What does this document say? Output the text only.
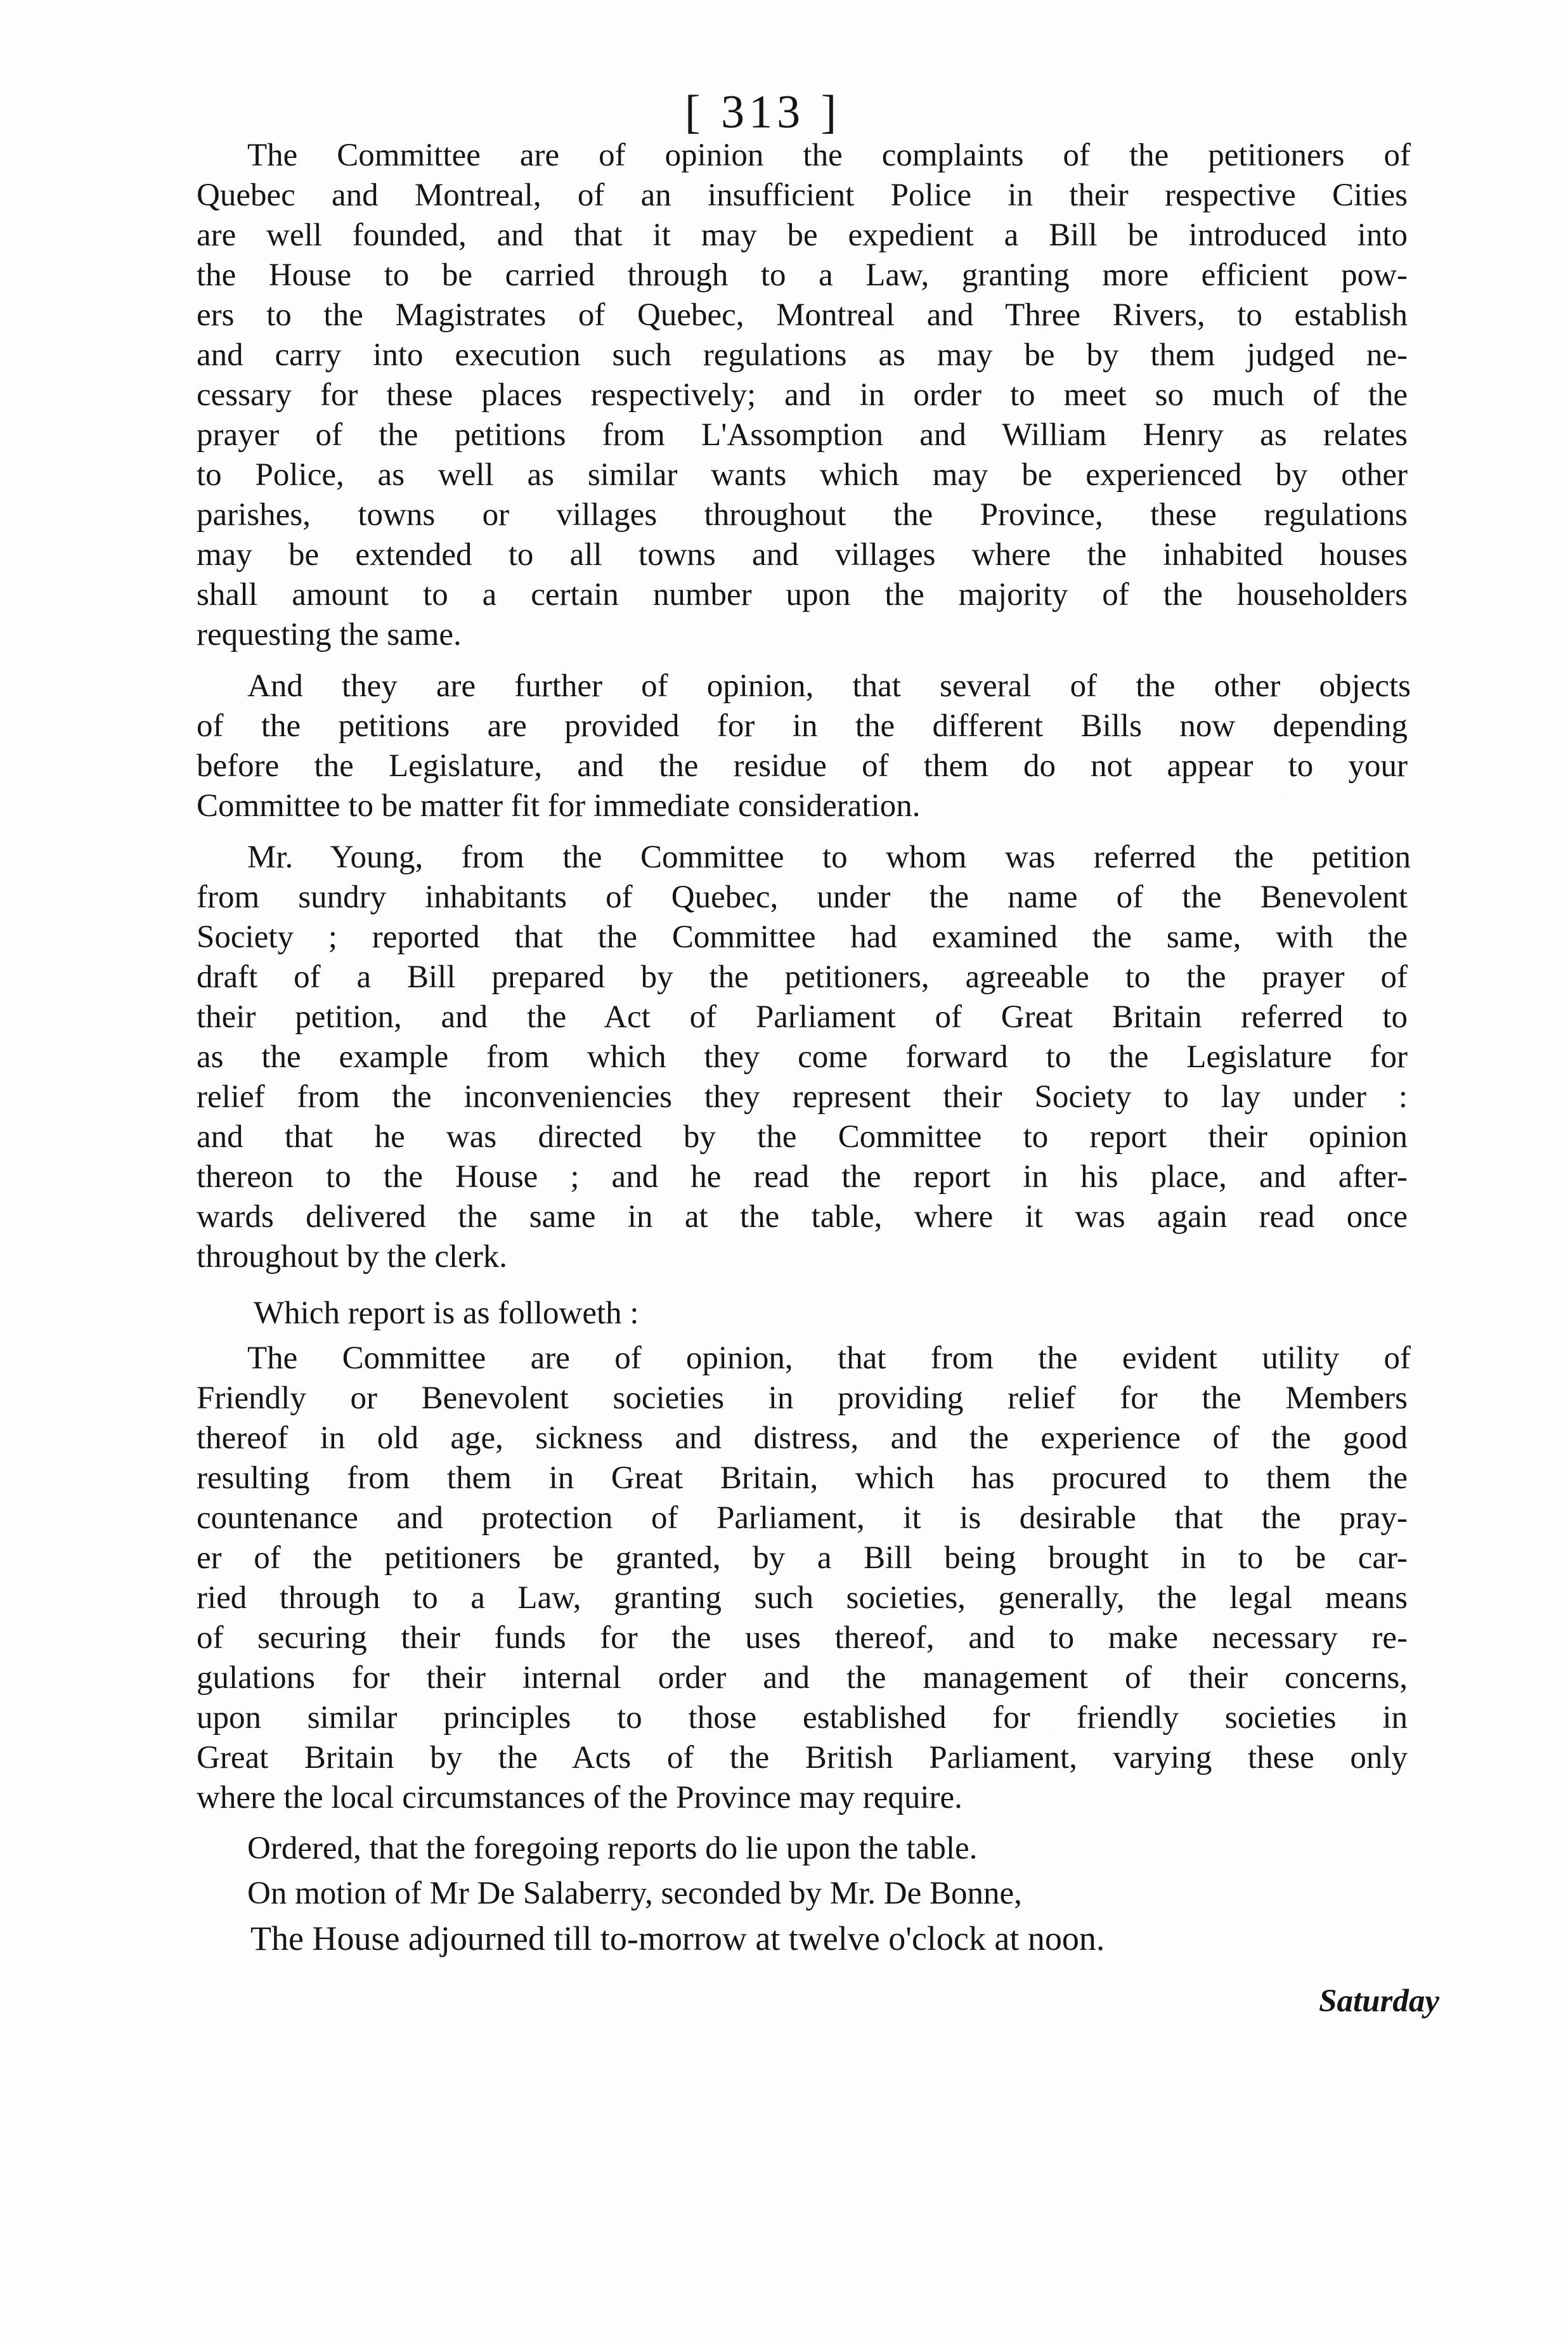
[ 313 ]
The Committee are of opinion the complaints of the petitioners of
Quebec and Montreal, of an insufficient Police in their respective Cities
are well founded, and that it may be expedient a Bill be introduced into
the House to be carried through to a Law, granting more efficient pow-
ers to the Magistrates of Quebec, Montreal and Three Rivers, to establish
and carry into execution such regulations as may be by them judged ne-
cessary for these places respectively; and in order to meet so much of the
prayer of the petitions from L'Assomption and William Henry as relates
to Police, as well as similar wants which may be experienced by other
parishes, towns or villages throughout the Province, these regulations
may be extended to all towns and villages where the inhabited houses
shall amount to a certain number upon the majority of the householders
requesting the same.
And they are further of opinion, that several of the other objects
of the petitions are provided for in the different Bills now depending
before the Legislature, and the residue of them do not appear to your
Committee to be matter fit for immediate consideration.
Mr. Young, from the Committee to whom was referred the petition
from sundry inhabitants of Quebec, under the name of the Benevolent
Society ; reported that the Committee had examined the same, with the
draft of a Bill prepared by the petitioners, agreeable to the prayer of
their petition, and the Act of Parliament of Great Britain referred to
as the example from which they come forward to the Legislature for
relief from the inconveniencies they represent their Society to lay under :
and that he was directed by the Committee to report their opinion
thereon to the House ; and he read the report in his place, and after-
wards delivered the same in at the table, where it was again read once
throughout by the clerk.
Which report is as followeth :
The Committee are of opinion, that from the evident utility of
Friendly or Benevolent societies in providing relief for the Members
thereof in old age, sickness and distress, and the experience of the good
resulting from them in Great Britain, which has procured to them the
countenance and protection of Parliament, it is desirable that the pray-
er of the petitioners be granted, by a Bill being brought in to be car-
ried through to a Law, granting such societies, generally, the legal means
of securing their funds for the uses thereof, and to make necessary re-
gulations for their internal order and the management of their concerns,
upon similar principles to those established for friendly societies in
Great Britain by the Acts of the British Parliament, varying these only
where the local circumstances of the Province may require.
Ordered, that the foregoing reports do lie upon the table.
On motion of Mr De Salaberry, seconded by Mr. De Bonne,
The House adjourned till to-morrow at twelve o'clock at noon.
Saturday
